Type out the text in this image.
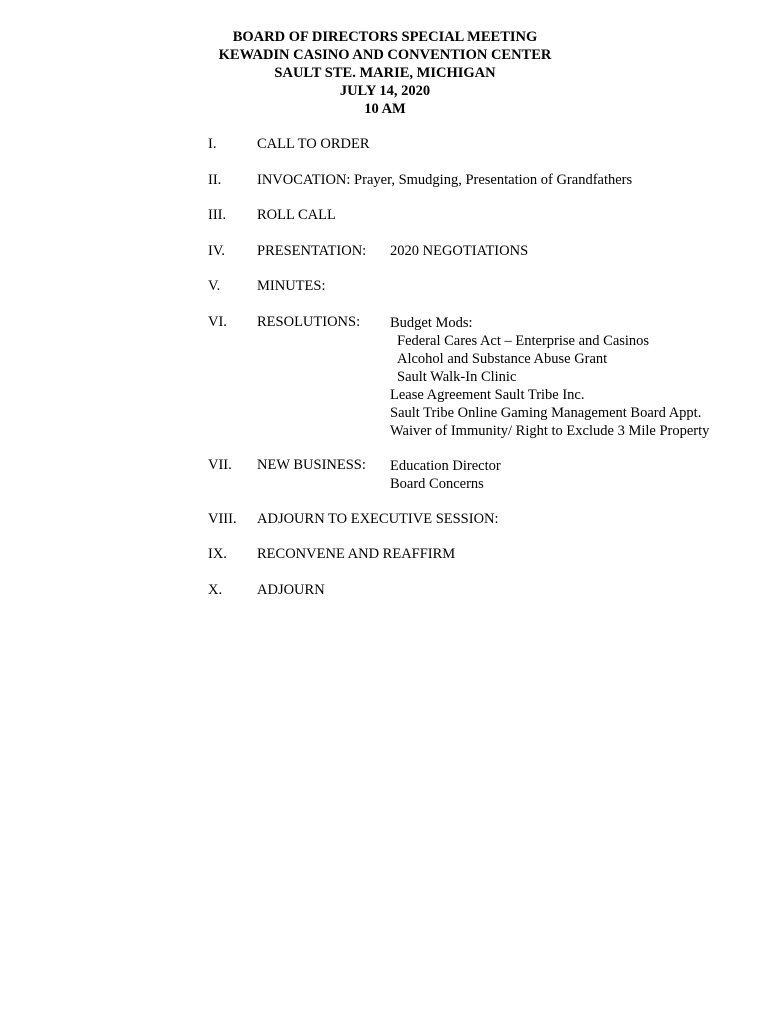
BOARD OF DIRECTORS SPECIAL MEETING
KEWADIN CASINO AND CONVENTION CENTER
SAULT STE. MARIE, MICHIGAN
JULY 14, 2020
10 AM
I.	CALL TO ORDER
II. INVOCATION: Prayer, Smudging, Presentation of Grandfathers
III. ROLL CALL
IV. PRESENTATION: 2020 NEGOTIATIONS
V.	MINUTES:
VI. RESOLUTIONS: Budget Mods:
Federal Cares Act – Enterprise and Casinos
Alcohol and Substance Abuse Grant
Sault Walk-In Clinic
Lease Agreement Sault Tribe Inc.
Sault Tribe Online Gaming Management Board Appt.
Waiver of Immunity/ Right to Exclude 3 Mile Property
VII. NEW BUSINESS: Education Director
Board Concerns
VIII. ADJOURN TO EXECUTIVE SESSION:
IX. RECONVENE AND REAFFIRM
X. ADJOURN
